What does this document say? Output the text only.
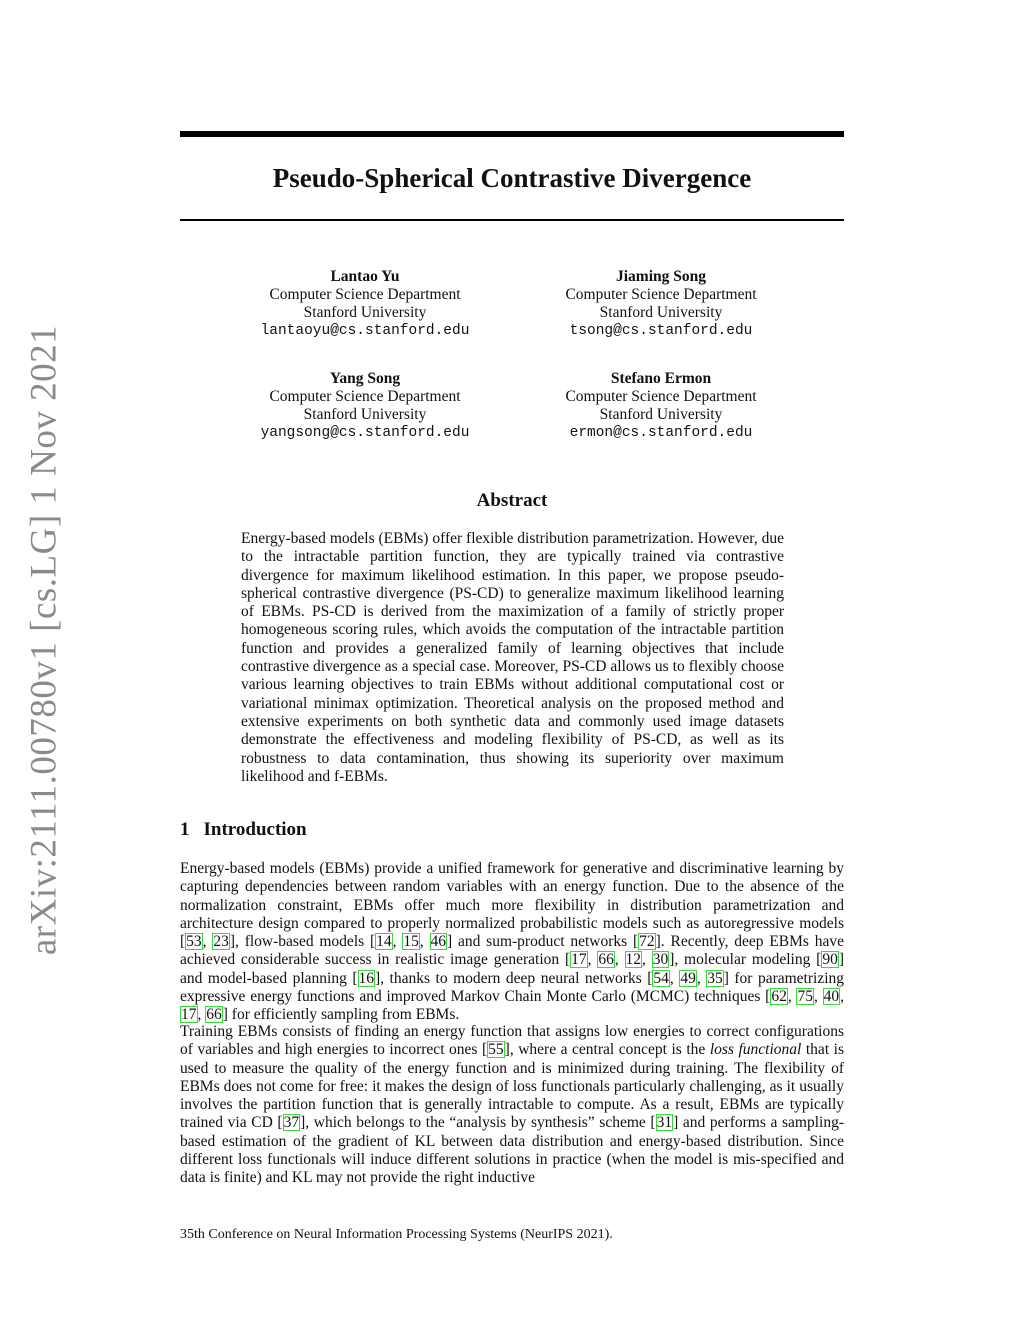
arXiv:2111.00780v1 [cs.LG] 1 Nov 2021
Pseudo-Spherical Contrastive Divergence
Lantao Yu
Computer Science Department
Stanford University
lantaoyu@cs.stanford.edu
Jiaming Song
Computer Science Department
Stanford University
tsong@cs.stanford.edu
Yang Song
Computer Science Department
Stanford University
yangsong@cs.stanford.edu
Stefano Ermon
Computer Science Department
Stanford University
ermon@cs.stanford.edu
Abstract

Energy-based models (EBMs) offer flexible distribution parametrization. However, due to the intractable partition function, they are typically trained via contrastive divergence for maximum likelihood estimation. In this paper, we propose pseudo-spherical contrastive divergence (PS-CD) to generalize maximum likelihood learning of EBMs. PS-CD is derived from the maximization of a family of strictly proper homogeneous scoring rules, which avoids the computation of the intractable partition function and provides a generalized family of learning objectives that include contrastive divergence as a special case. Moreover, PS-CD allows us to flexibly choose various learning objectives to train EBMs without additional computational cost or variational minimax optimization. Theoretical analysis on the proposed method and extensive experiments on both synthetic data and commonly used image datasets demonstrate the effectiveness and modeling flexibility of PS-CD, as well as its robustness to data contamination, thus showing its superiority over maximum likelihood and f-EBMs.

1 Introduction

Energy-based models (EBMs) provide a unified framework for generative and discriminative learning by capturing dependencies between random variables with an energy function. Due to the absence of the normalization constraint, EBMs offer much more flexibility in distribution parametrization and architecture design compared to properly normalized probabilistic models such as autoregressive models [53, 23], flow-based models [14, 15, 46] and sum-product networks [72]. Recently, deep EBMs have achieved considerable success in realistic image generation [17, 66, 12, 30], molecular modeling [90] and model-based planning [16], thanks to modern deep neural networks [54, 49, 35] for parametrizing expressive energy functions and improved Markov Chain Monte Carlo (MCMC) techniques [62, 75, 40, 17, 66] for efficiently sampling from EBMs.

Training EBMs consists of finding an energy function that assigns low energies to correct configurations of variables and high energies to incorrect ones [55], where a central concept is the loss functional that is used to measure the quality of the energy function and is minimized during training. The flexibility of EBMs does not come for free: it makes the design of loss functionals particularly challenging, as it usually involves the partition function that is generally intractable to compute. As a result, EBMs are typically trained via CD [37], which belongs to the “analysis by synthesis” scheme [31] and performs a sampling-based estimation of the gradient of KL between data distribution and energy-based distribution. Since different loss functionals will induce different solutions in practice (when the model is mis-specified and data is finite) and KL may not provide the right inductive

35th Conference on Neural Information Processing Systems (NeurIPS 2021).
